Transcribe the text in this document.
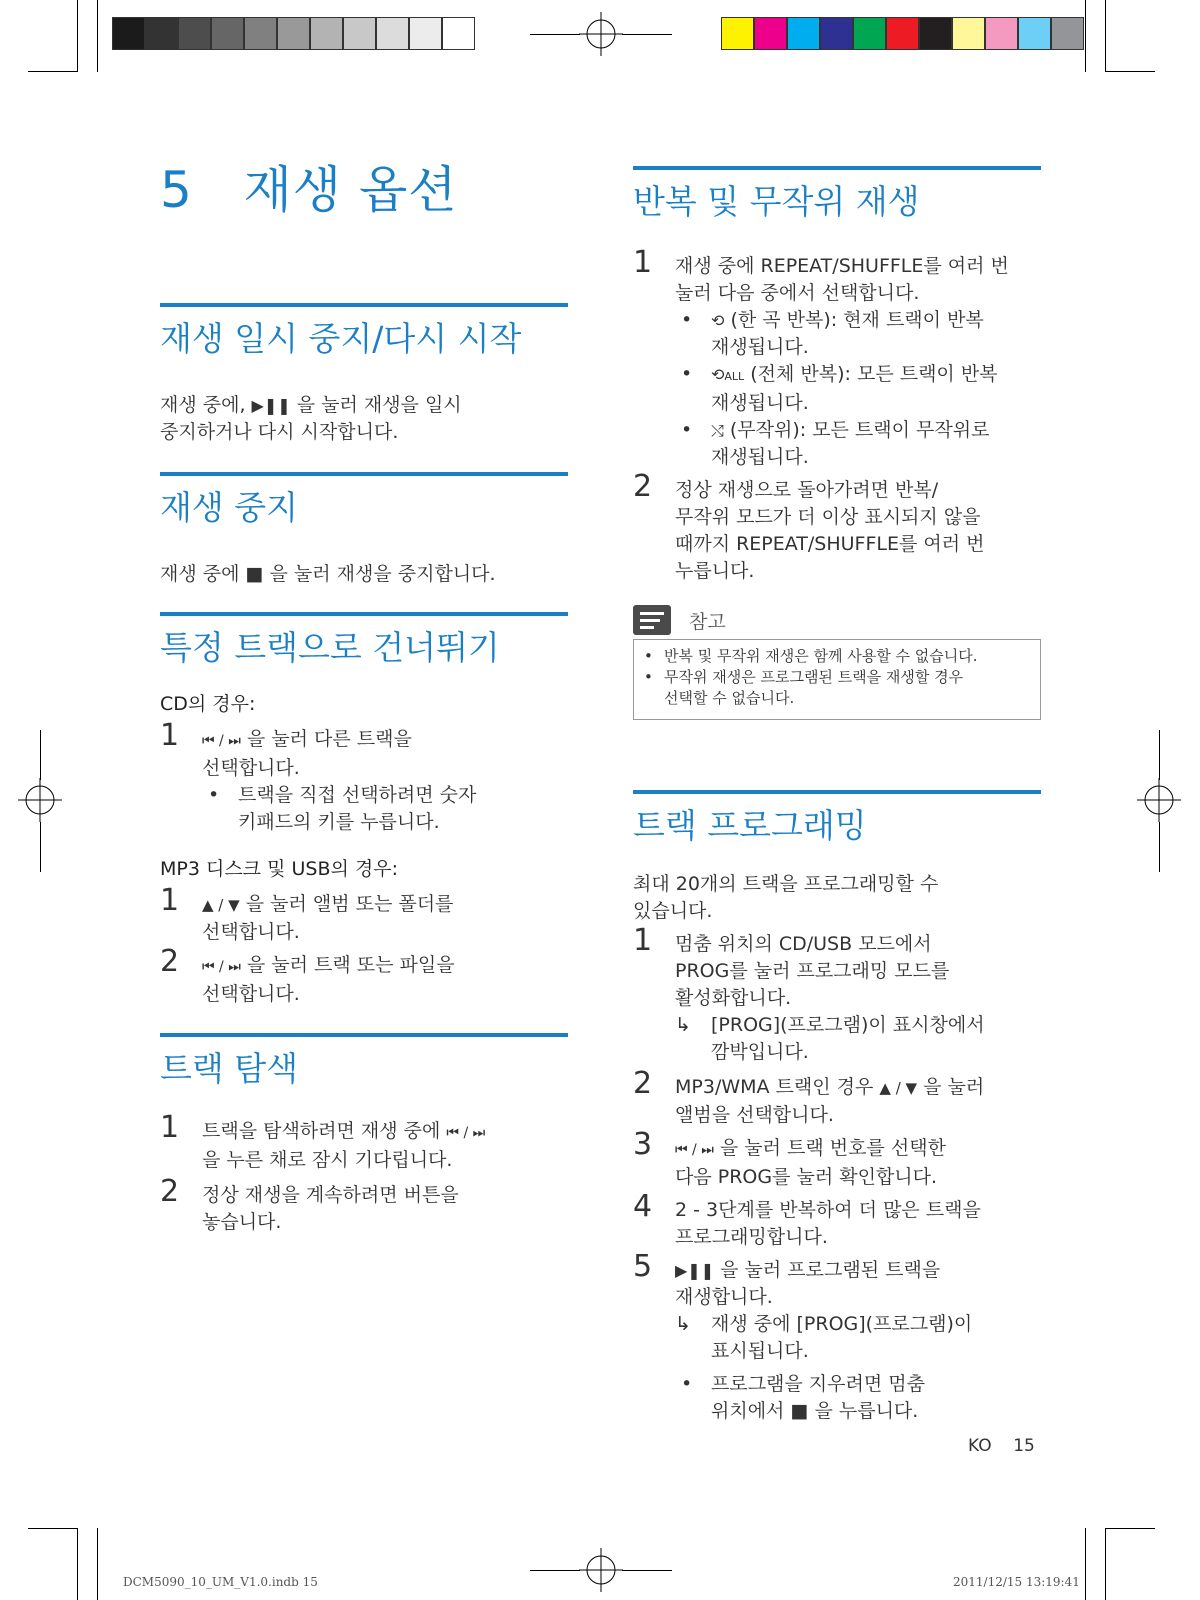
5 재생 옵션
재생 일시 중지/다시 시작
재생 중에, ▶❚❚ 을 눌러 재생을 일시
중지하거나 다시 시작합니다.
재생 중지
재생 중에 ■ 을 눌러 재생을 중지합니다.
특정 트랙으로 건너뛰기
CD의 경우:
1 ⏮ / ⏭ 을 눌러 다른 트랙을
선택합니다.
• 트랙을 직접 선택하려면 숫자
키패드의 키를 누릅니다.
MP3 디스크 및 USB의 경우:
1 ▲ / ▼ 을 눌러 앨범 또는 폴더를
선택합니다.
2 ⏮ / ⏭ 을 눌러 트랙 또는 파일을
선택합니다.
트랙 탐색
1 트랙을 탐색하려면 재생 중에 ⏮ / ⏭
을 누른 채로 잠시 기다립니다.
2 정상 재생을 계속하려면 버튼을
놓습니다.
반복 및 무작위 재생
1 재생 중에 REPEAT/SHUFFLE를 여러 번
눌러 다음 중에서 선택합니다.
• ⟲ (한 곡 반복): 현재 트랙이 반복
재생됩니다.
• ⟲ALL (전체 반복): 모든 트랙이 반복
재생됩니다.
• ⤭ (무작위): 모든 트랙이 무작위로
재생됩니다.
2 정상 재생으로 돌아가려면 반복/
무작위 모드가 더 이상 표시되지 않을
때까지 REPEAT/SHUFFLE를 여러 번
누릅니다.
참고
• 반복 및 무작위 재생은 함께 사용할 수 없습니다.
• 무작위 재생은 프로그램된 트랙을 재생할 경우
선택할 수 없습니다.
트랙 프로그래밍
최대 20개의 트랙을 프로그래밍할 수
있습니다.
1 멈춤 위치의 CD/USB 모드에서
PROG를 눌러 프로그래밍 모드를
활성화합니다.
↳ [PROG](프로그램)이 표시창에서
깜박입니다.
2 MP3/WMA 트랙인 경우 ▲ / ▼ 을 눌러
앨범을 선택합니다.
3 ⏮ / ⏭ 을 눌러 트랙 번호를 선택한
다음 PROG를 눌러 확인합니다.
4 2 - 3단계를 반복하여 더 많은 트랙을
프로그래밍합니다.
5 ▶❚❚ 을 눌러 프로그램된 트랙을
재생합니다.
↳ 재생 중에 [PROG](프로그램)이
표시됩니다.
• 프로그램을 지우려면 멈춤
위치에서 ■ 을 누릅니다.
KO 15
DCM5090_10_UM_V1.0.indb 15	2011/12/15 13:19:41
